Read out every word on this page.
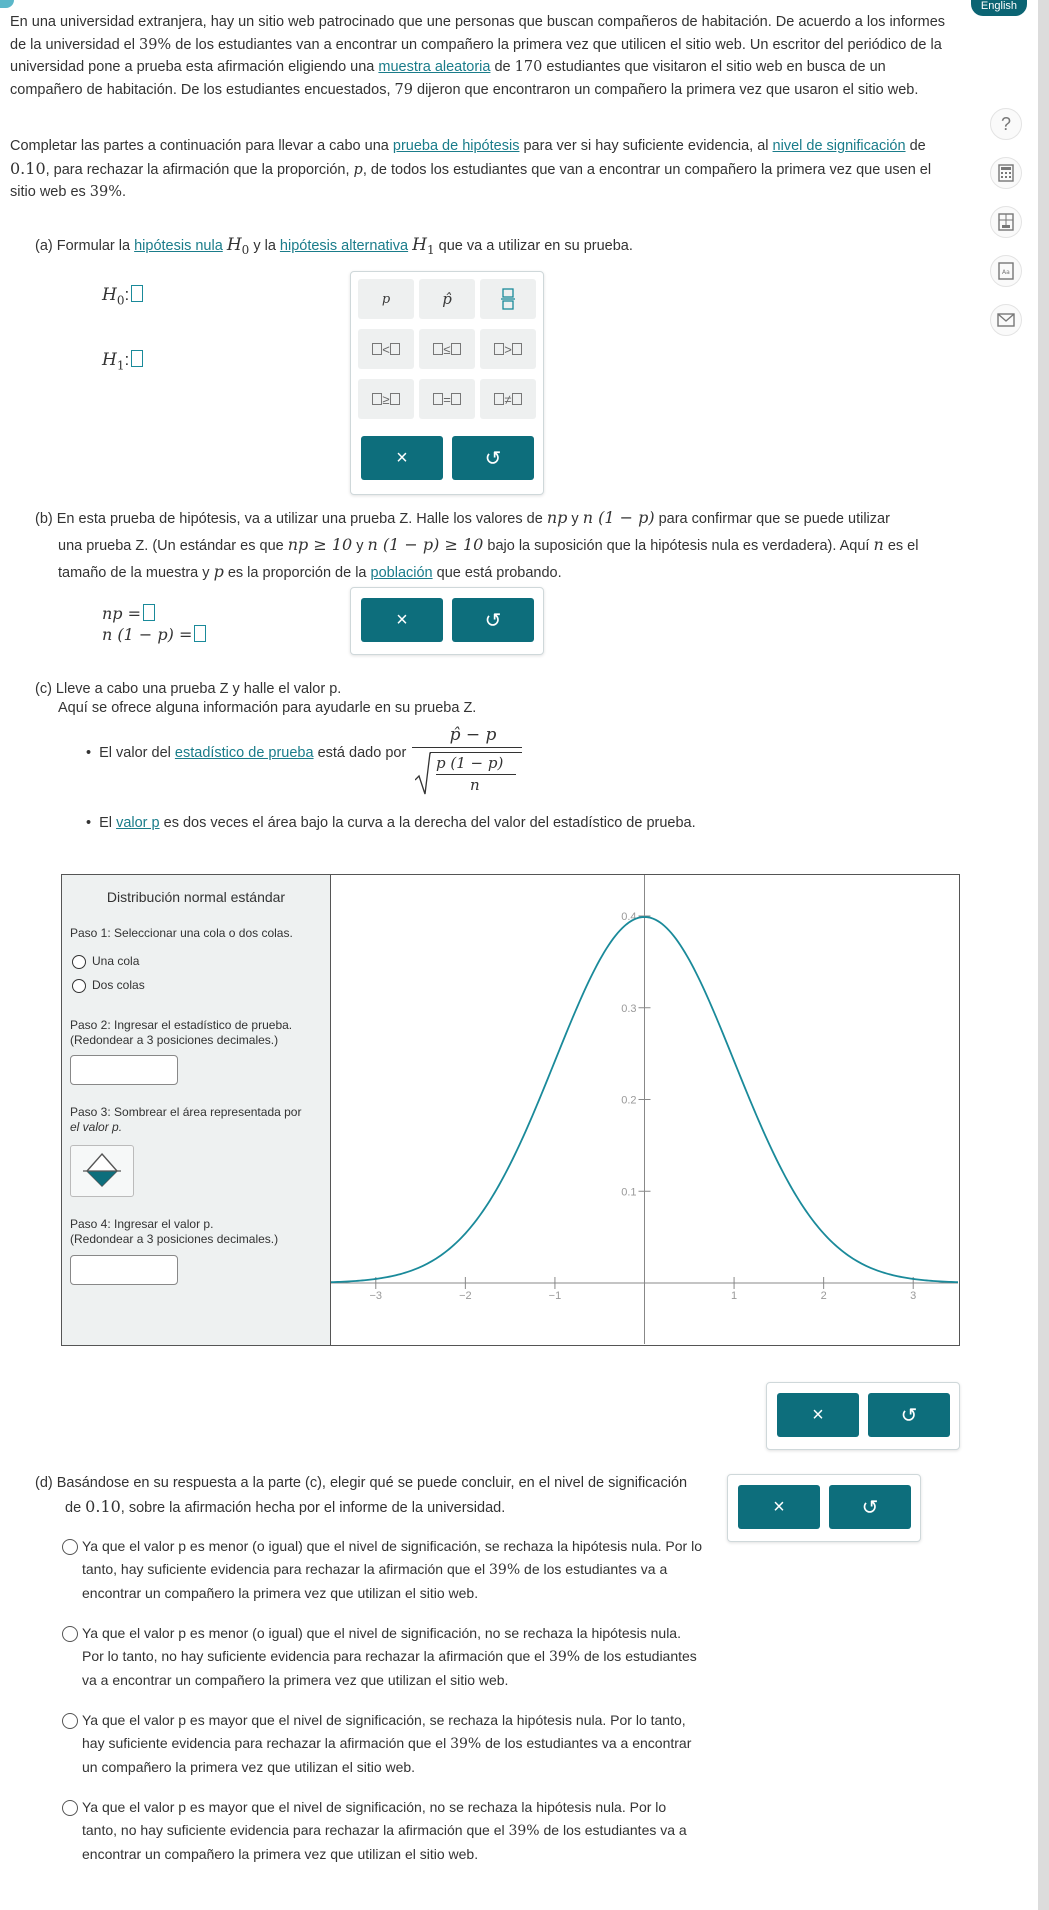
English
?
Aa
En una universidad extranjera, hay un sitio web patrocinado que une personas que buscan compañeros de habitación. De acuerdo a los informes de la universidad el 39% de los estudiantes van a encontrar un compañero la primera vez que utilicen el sitio web. Un escritor del periódico de la universidad pone a prueba esta afirmación eligiendo una muestra aleatoria de 170 estudiantes que visitaron el sitio web en busca de un compañero de habitación. De los estudiantes encuestados, 79 dijeron que encontraron un compañero la primera vez que usaron el sitio web.
Completar las partes a continuación para llevar a cabo una prueba de hipótesis para ver si hay suficiente evidencia, al nivel de significación de
0.10, para rechazar la afirmación que la proporción, p, de todos los estudiantes que van a encontrar un compañero la primera vez que usen el sitio web es 39%.
(a) Formular la hipótesis nula $H_0$ y la hipótesis alternativa $H_1$ que va a utilizar en su prueba.
$H_0$:
$H_1$:
p	p̂
<	≤	>
≥	=	≠
×	↺
(b) En esta prueba de hipótesis, va a utilizar una prueba Z. Halle los valores de np y n (1 − p) para confirmar que se puede utilizar
una prueba Z. (Un estándar es que np ≥ 10 y n (1 − p) ≥ 10 bajo la suposición que la hipótesis nula es verdadera). Aquí n es el
tamaño de la muestra y p es la proporción de la población que está probando.
np =
n (1 − p) =
×	↺
(c) Lleve a cabo una prueba Z y halle el valor p.
Aquí se ofrece alguna información para ayudarle en su prueba Z.
• El valor del estadístico de prueba está dado por
p̂ − p
p (1 − p)
n
• El valor p es dos veces el área bajo la curva a la derecha del valor del estadístico de prueba.
Distribución normal estándar
Paso 1: Seleccionar una cola o dos colas.
Una cola
Dos colas
Paso 2: Ingresar el estadístico de prueba.
(Redondear a 3 posiciones decimales.)
Paso 3: Sombrear el área representada por
el valor p.
Paso 4: Ingresar el valor p.
(Redondear a 3 posiciones decimales.)
−3	−2	−1	1	2	3
0.1
0.2
0.3
0.4
×	↺
(d) Basándose en su respuesta a la parte (c), elegir qué se puede concluir, en el nivel de significación
de 0.10, sobre la afirmación hecha por el informe de la universidad.	×	↺
Ya que el valor p es menor (o igual) que el nivel de significación, se rechaza la hipótesis nula. Por lo tanto, hay suficiente evidencia para rechazar la afirmación que el 39% de los estudiantes va a encontrar un compañero la primera vez que utilizan el sitio web.
Ya que el valor p es menor (o igual) que el nivel de significación, no se rechaza la hipótesis nula. Por lo tanto, no hay suficiente evidencia para rechazar la afirmación que el 39% de los estudiantes va a encontrar un compañero la primera vez que utilizan el sitio web.
Ya que el valor p es mayor que el nivel de significación, se rechaza la hipótesis nula. Por lo tanto, hay suficiente evidencia para rechazar la afirmación que el 39% de los estudiantes va a encontrar un compañero la primera vez que utilizan el sitio web.
Ya que el valor p es mayor que el nivel de significación, no se rechaza la hipótesis nula. Por lo tanto, no hay suficiente evidencia para rechazar la afirmación que el 39% de los estudiantes va a encontrar un compañero la primera vez que utilizan el sitio web.
